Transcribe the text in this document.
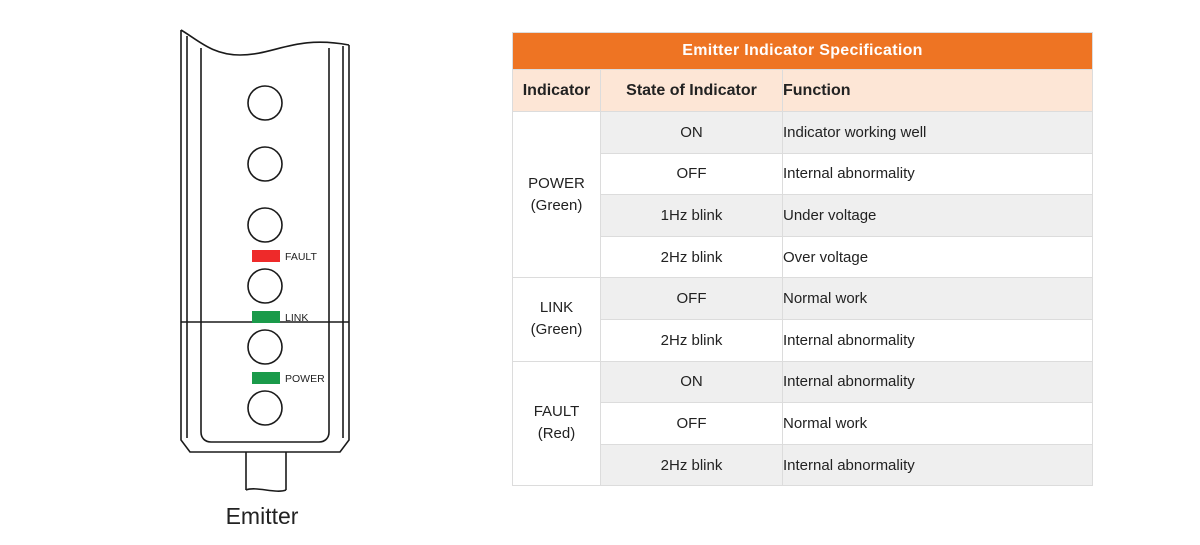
FAULT
LINK
POWER
Emitter
Emitter Indicator Specification		
Indicator	State of Indicator	Function

POWER
(Green)	ON	Indicator working well
	OFF	Internal abnormality
	1Hz blink	Under voltage
	2Hz blink	Over voltage

LINK
(Green)	OFF	Normal work
	2Hz blink	Internal abnormality

FAULT
(Red)	ON	Internal abnormality
	OFF	Normal work
	2Hz blink	Internal abnormality
